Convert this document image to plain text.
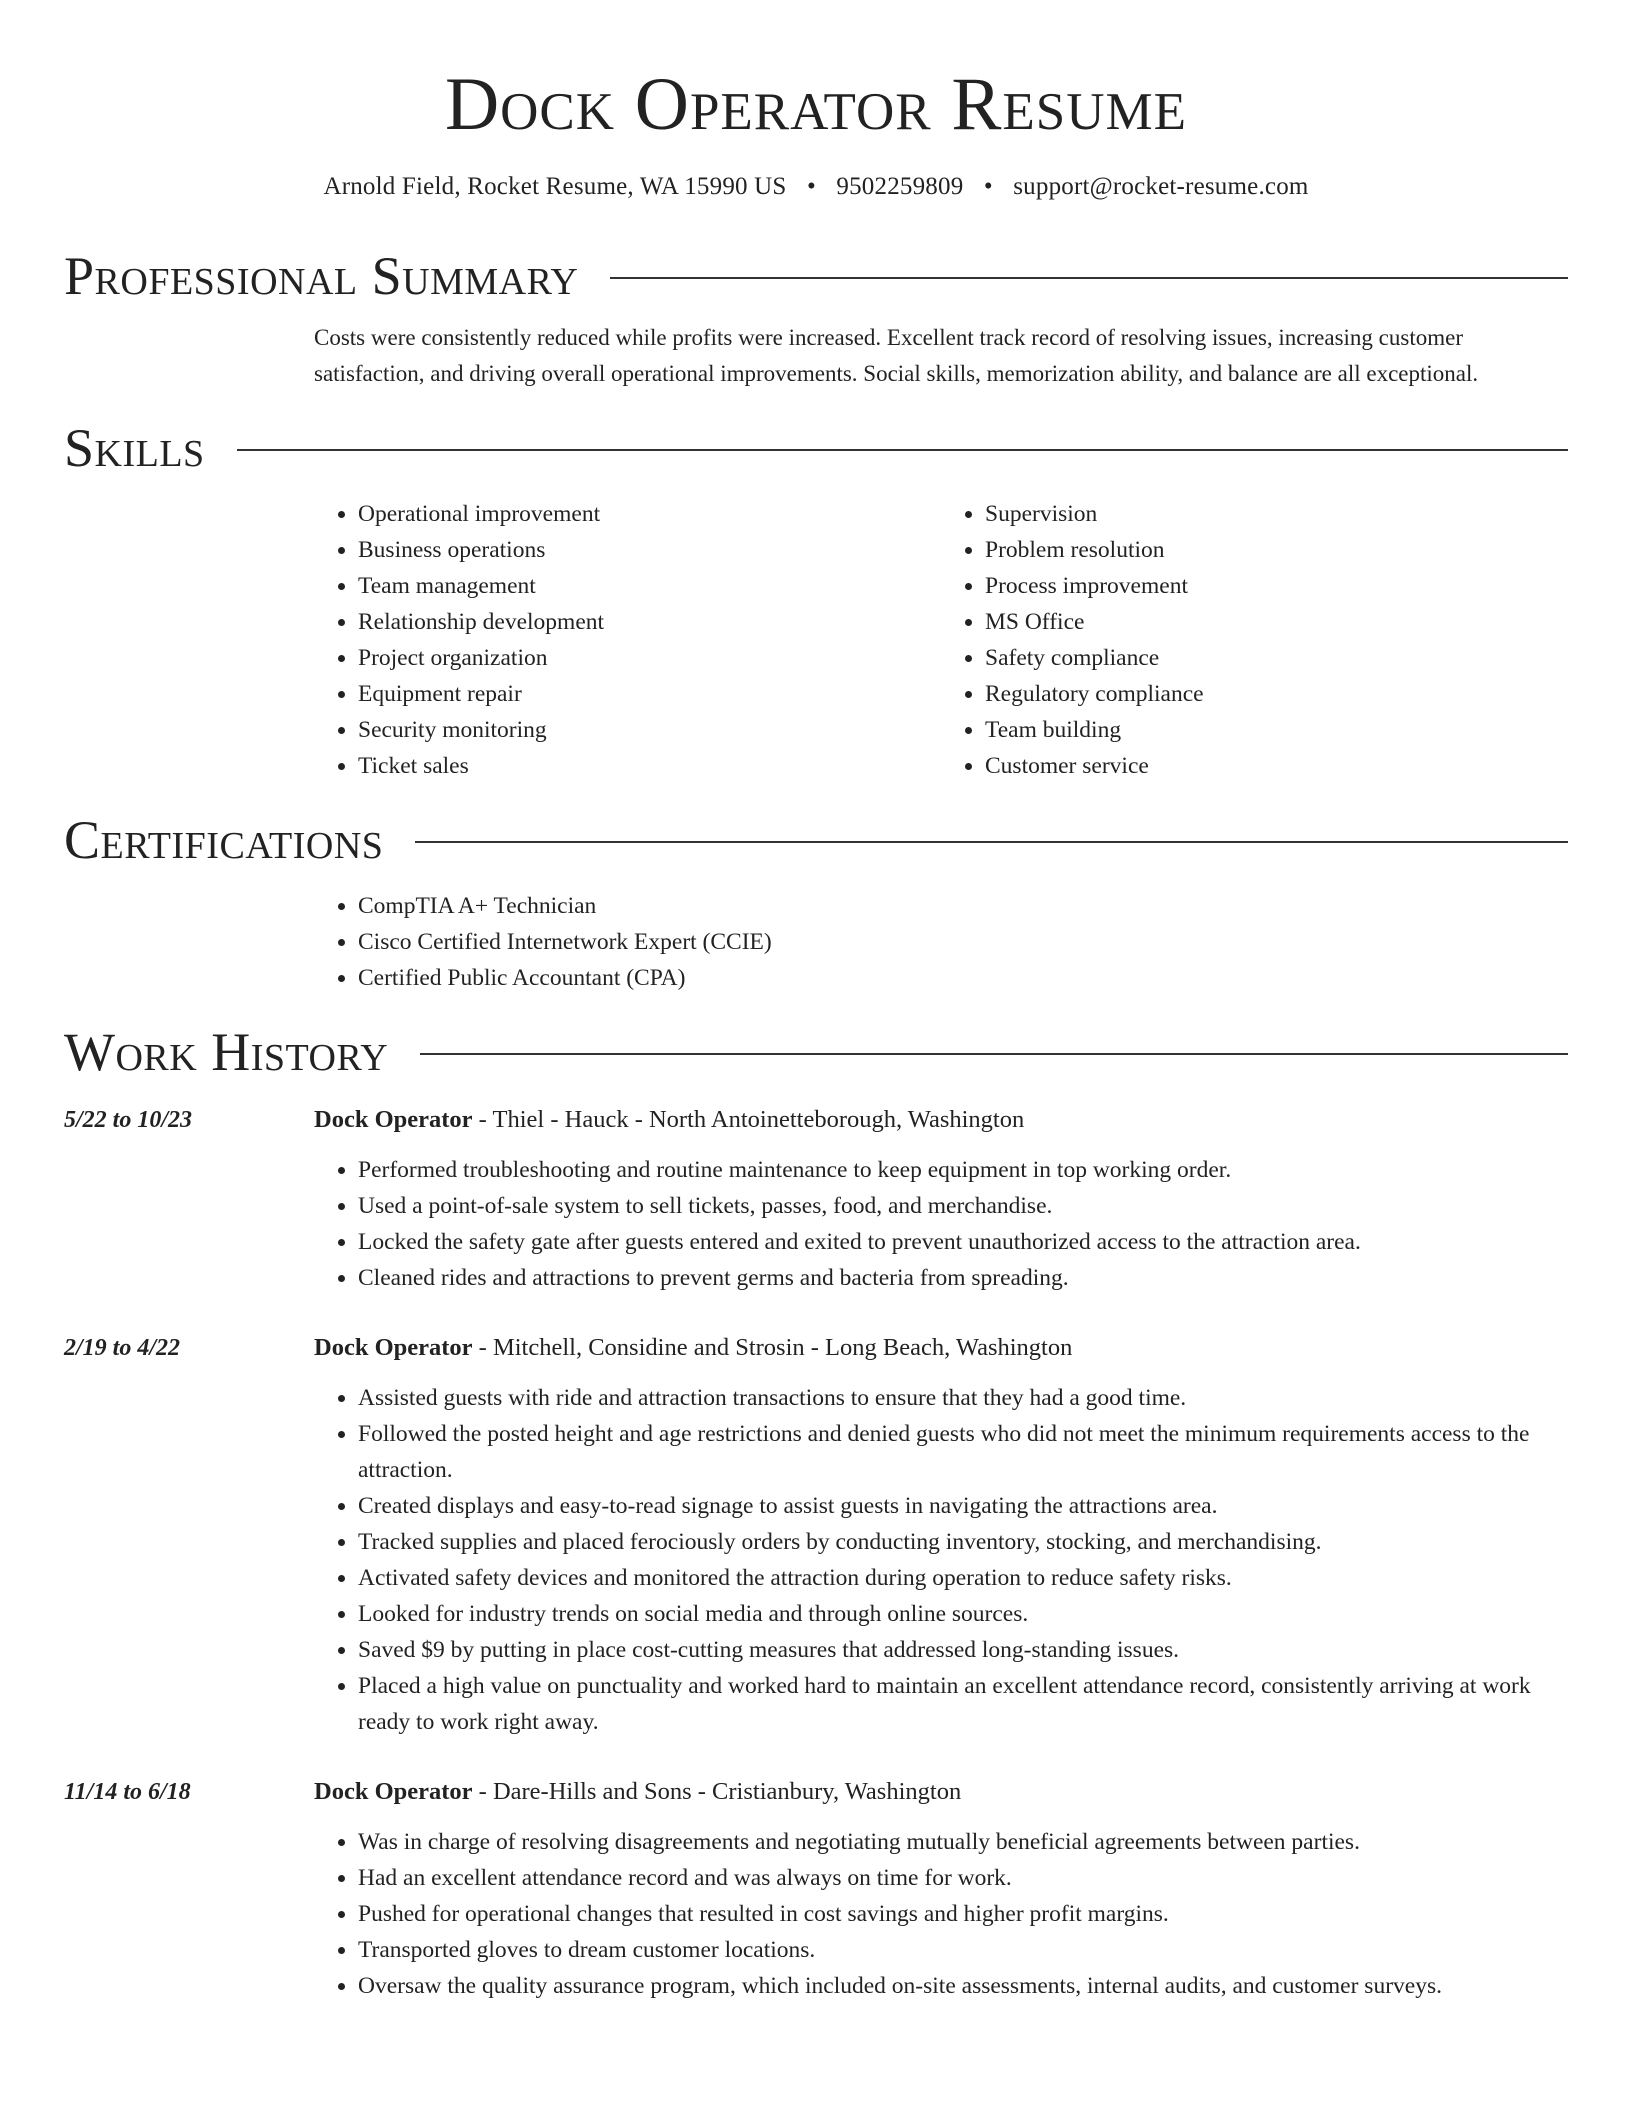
Dock Operator Resume
Arnold Field, Rocket Resume, WA 15990 US • 9502259809 • support@rocket-resume.com
Professional Summary
Costs were consistently reduced while profits were increased. Excellent track record of resolving issues, increasing customer satisfaction, and driving overall operational improvements. Social skills, memorization ability, and balance are all exceptional.
Skills
• Operational improvement
• Business operations
• Team management
• Relationship development
• Project organization
• Equipment repair
• Security monitoring
• Ticket sales
• Supervision
• Problem resolution
• Process improvement
• MS Office
• Safety compliance
• Regulatory compliance
• Team building
• Customer service
Certifications
• CompTIA A+ Technician
• Cisco Certified Internetwork Expert (CCIE)
• Certified Public Accountant (CPA)
Work History
5/22 to 10/23	Dock Operator - Thiel - Hauck - North Antoinetteborough, Washington
• Performed troubleshooting and routine maintenance to keep equipment in top working order.
• Used a point-of-sale system to sell tickets, passes, food, and merchandise.
• Locked the safety gate after guests entered and exited to prevent unauthorized access to the attraction area.
• Cleaned rides and attractions to prevent germs and bacteria from spreading.
2/19 to 4/22	Dock Operator - Mitchell, Considine and Strosin - Long Beach, Washington
• Assisted guests with ride and attraction transactions to ensure that they had a good time.
• Followed the posted height and age restrictions and denied guests who did not meet the minimum requirements access to the attraction.
• Created displays and easy-to-read signage to assist guests in navigating the attractions area.
• Tracked supplies and placed ferociously orders by conducting inventory, stocking, and merchandising.
• Activated safety devices and monitored the attraction during operation to reduce safety risks.
• Looked for industry trends on social media and through online sources.
• Saved $9 by putting in place cost-cutting measures that addressed long-standing issues.
• Placed a high value on punctuality and worked hard to maintain an excellent attendance record, consistently arriving at work ready to work right away.
11/14 to 6/18	Dock Operator - Dare-Hills and Sons - Cristianbury, Washington
• Was in charge of resolving disagreements and negotiating mutually beneficial agreements between parties.
• Had an excellent attendance record and was always on time for work.
• Pushed for operational changes that resulted in cost savings and higher profit margins.
• Transported gloves to dream customer locations.
• Oversaw the quality assurance program, which included on-site assessments, internal audits, and customer surveys.
